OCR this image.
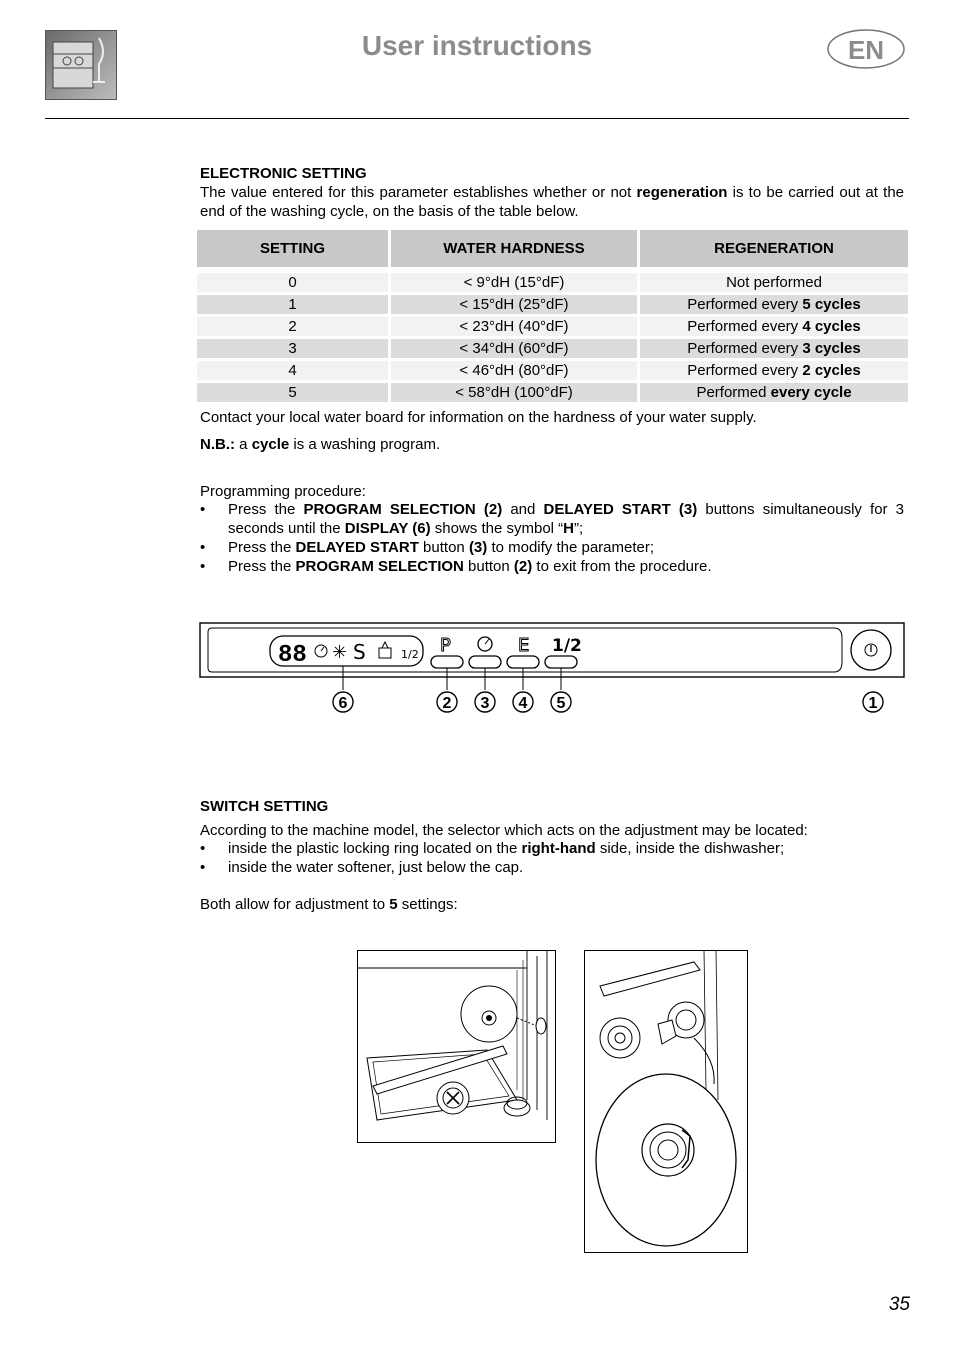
User instructions	EN
ELECTRONIC SETTING
The value entered for this parameter establishes whether or not regeneration is to be carried out at the end of the washing cycle, on the basis of the table below.
SETTING	WATER HARDNESS	REGENERATION
0	< 9°dH (15°dF)	Not performed
1	< 15°dH (25°dF)	Performed every 5 cycles
2	< 23°dH (40°dF)	Performed every 4 cycles
3	< 34°dH (60°dF)	Performed every 3 cycles
4	< 46°dH (80°dF)	Performed every 2 cycles
5	< 58°dH (100°dF)	Performed every cycle
Contact your local water board for information on the hardness of your water supply.
N.B.: a cycle is a washing program.
Programming procedure:
• Press the PROGRAM SELECTION (2) and DELAYED START (3) buttons simultaneously for 3 seconds until the DISPLAY (6) shows the symbol “H”;
• Press the DELAYED START button (3) to modify the parameter;
• Press the PROGRAM SELECTION button (2) to exit from the procedure.
88 ✳ S	1/2 P	E 1/2
6	2 3 4 5	1
SWITCH SETTING
According to the machine model, the selector which acts on the adjustment may be located:
• inside the plastic locking ring located on the right-hand side, inside the dishwasher;
• inside the water softener, just below the cap.
Both allow for adjustment to 5 settings:
35
